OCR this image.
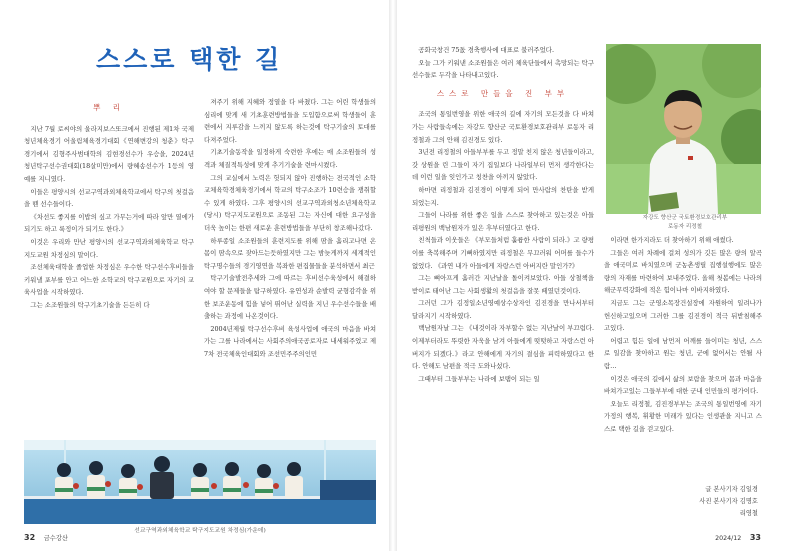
스스로 택한 길

뿌 리

지난 7월 로씨야의 울라지보스또크에서 진행된 제1차 국제청년체육경기 어울림체육경기대회《연해변강의 청춘》탁구경기에서 김형주사범대학의 김현경선수가 우승을, 2024년 청년탁구선수권대회(18살미만)에서 량혜송선수가 1등의 영예를 지니였다.

이들은 평양시의 선교구역과외체육학교에서 탁구의 첫걸음을 뗀 선수들이다.

《차선도 좋지를 이밥의 싶고 가무는거에 따라 앞만 열에가 되기도 하고 룩정이가 되기도 한다.》

이것은 우리와 만난 평양시의 선교구역과외체육학교 탁구지도교원 차정심의 말이다.

조선체육대학을 졸업한 차정심은 우수한 탁구선수후비들을 키워낼 포부를 안고 어느한 소학교의 탁구교원으로 자기의 교육사업을 시작하였다.

그는 소조원들의 탁구기초기술을 든든히 다

져주기 위해 지혜와 정열을 다 바쳤다. 그는 어린 학생들의 심리에 맞게 새 기초훈련방법들을 도입함으로써 학생들이 훈련에서 지루감을 느끼지 않도록 하는것에 탁구기술의 토대를 다져주었다.

기초기술동작을 일정하게 숙련한 후에는 매 소조원들의 성격과 체질적특성에 맞게 추기기술을 련마시켰다.

그의 교실에서 노력은 헛되지 않아 진행하는 전국적인 소학교체육학경체육경기에서 학교의 탁구소조가 10련승을 쟁취할수 있게 하였다. 그후 평양시의 선교구역과외청소년체육학교(당시) 탁구지도교원으로 조동된 그는 자신에 대한 요구성을 더욱 높이는 한편 새로운 훈련방법들을 부단히 창조해나갔다.

하루종일 소조원들의 훈련지도를 위해 땀을 흘리고나면 온몸이 땀속으로 잦아드는듯하였지만 그는 밤늦게까지 세계적인 탁구명수들의 경기영연을 복좌한 편집물들을 분석하면서 최근

탁구기술발전추세와 그에 따르는 후비선수육성에서 해결하여야 할 문제들을 탐구하였다. 유연성과 순발력 균형감각을 위한 보조운동에 힘을 넣어 뛰어난 실력을 지닌 우수선수들을 배출하는 과정에 나온것이다.

2004년제월 탁구선수후비 육성사업에 애국의 마음을 바쳐가는 그를 나라에서는 사회주의애국공로자로 내세워주었고 제7차 전국체육인대회와 조선민주주의인민

선교구역과외체육학교 탁구지도교원 차정심(가운데)
32 금수강산

공화국창건 75돐 경축행사에 대표로 불러주었다.

오늘 그가 키워낸 소조원들은 여러 체육단들에서 촉망되는 탁구선수들로 두각을 나타내고있다.

스스로 만들을 진 부부

조국의 통일번영을 위한 애국의 길에 자기의 모든것을 다 바쳐가는 사람들속에는 자강도 향산군 국토환경보호관리부 로동자 리정철과 그의 안해 김진경도 있다.

3년전 리정철의 아들부부를 두고 정말 친지 않은 청년들이라고, 갓 상원을 린 그들이 자기 집일보다 나라일부터 먼저 생각한다는데 이런 일을 잊인가고 칭찬을 아끼지 않았다.

하마면 리정철과 김진경이 어떻게 되어 만사람의 찬탄을 받게 되었는지.

그들이 나라를 위한 좋은 일을 스스로 찾아하고 있는것은 아들 리평원의 백남원자가 있은 후부터였다고 한다.

친척들과 이웃들은 《부모들처럼 훌륭한 사람이 되라.》고 량평이를 축복해주며 기뻐하였지만 리정철은 무끄러워 어머를 들수가 없었다. 《과연 내가 아들에게 자랑스런 아버지란 말인가?》

그는 뼈아프게 흘러간 지난날을 돌이켜보았다. 아들 상철책을 받이로 태어난 그는 사회생활의 첫걸음을 잘못 떼였던것이다.

그러던 그가 김정일소년영예상수상자인 김진경을 만나서부터 달라지기 시작하였다.

백남원자날 그는 《내것이라 자부할수 없는 지난날이 부끄럽다. 이제부터라도 뚜렷한 자욱을 남겨 아들에게 떳떳하고 자랑스런 아버지가 되겠다.》라고 안해에게 자기의 결심을 피력하였다고 한다. 안해도 남편을 적극 도와나섰다.

그때부터 그들부부는 나라에 보탬이 되는 일

자강도 향산군 국토환경보호관리부
로동자 리정철

이라면 한가지라도 더 찾아하기 위해 애썼다.

그들은 여러 차례에 걸쳐 성의가 깃든 많은 량의 알곡을 애국미로 바치였으며 군농촌생릴 집행설행에도 많은 량의 자재를 마련하여 보내주었다. 올해 첫봄에는 나라의 해군무력강화에 적은 힘이나마 이바지하였다.

지금도 그는 군영소목장건설장에 자원하여 일려나가 헌신하고있으며 그러한 그를 김진경이 적극 뒤받침해주고있다.

어렵고 힘든 일에 남먼저 어깨를 들이미는 청년, 스스로 일감을 찾아하고 원는 청년, 군에 없어서는 안될 사람…

이것은 애국의 길에서 삶의 보람을 찾으며 몸과 마음을 바쳐가고있는 그들부부에 대한 군내 인민들의 평가이다.

오늘도 리정철, 김진경부부는 조국의 통일번영에 자기 가정의 행복, 휘황한 미래가 있다는 인생관을 지니고 스스로 택한 길을 걷고있다.

글 본사기자 김일경
사진 본사기자 김명호
리영철
2024/12 33
